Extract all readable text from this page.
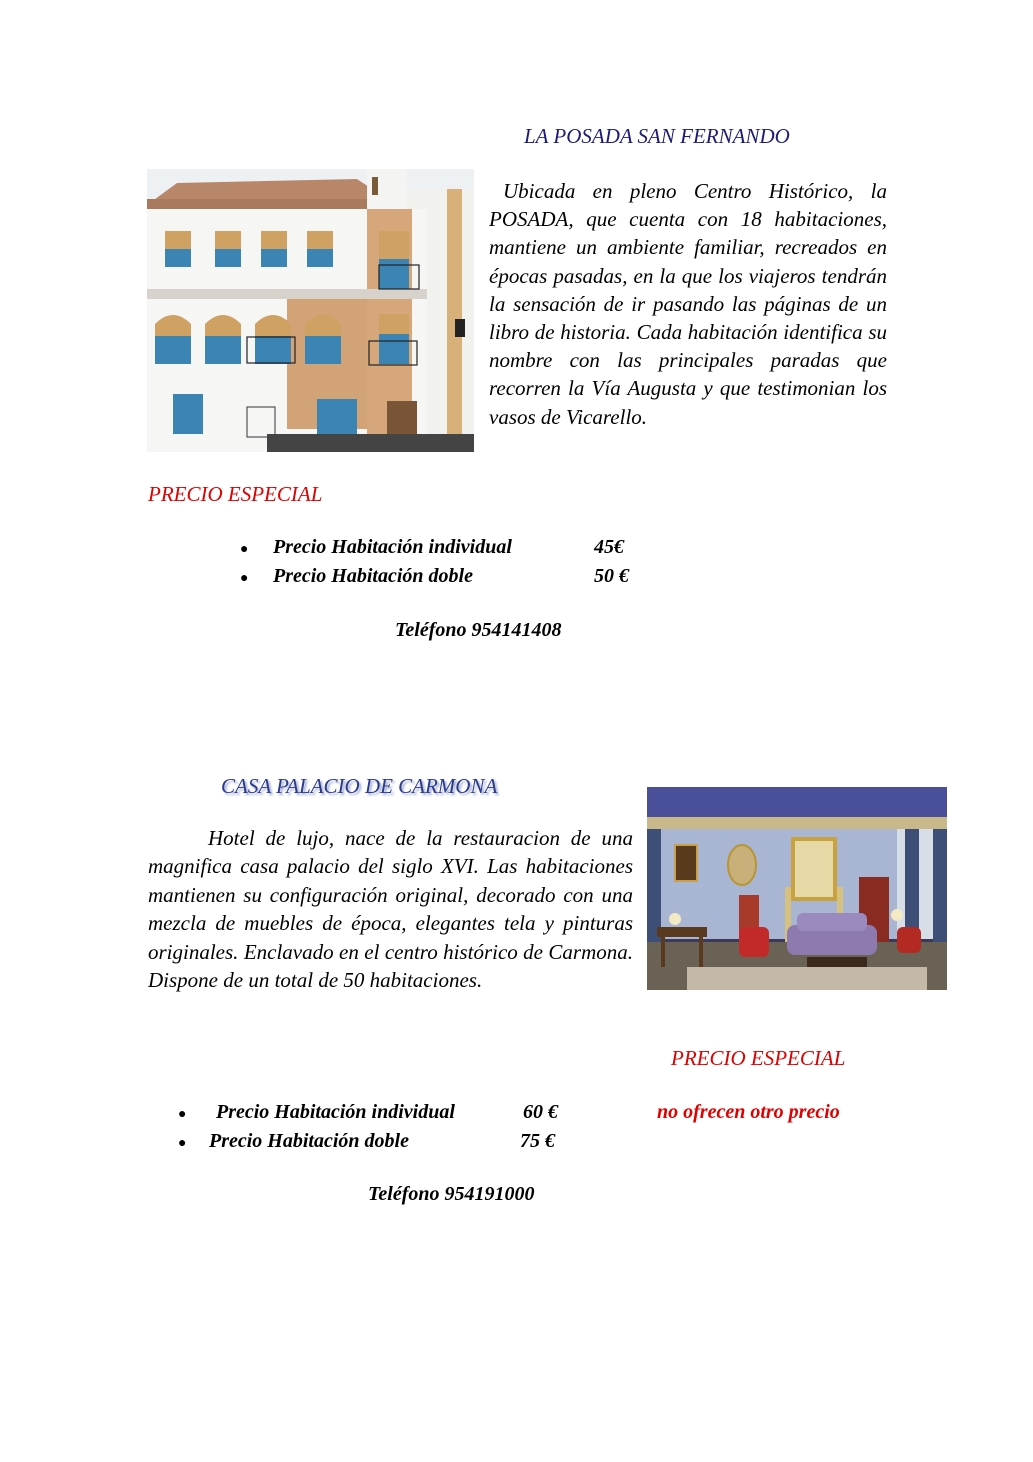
LA POSADA SAN FERNANDO
Ubicada en pleno Centro Histórico, la POSADA, que cuenta con 18 habitaciones, mantiene un ambiente familiar, recreados en épocas pasadas, en la que los viajeros tendrán la sensación de ir pasando las páginas de un libro de historia. Cada habitación identifica su nombre con las principales paradas que recorren la Vía Augusta y que testimonian los vasos de Vicarello.
PRECIO ESPECIAL
● Precio Habitación individual	45€
● Precio Habitación doble	50 €
Teléfono 954141408
CASA PALACIO DE CARMONA
Hotel de lujo, nace de la restauracion de una magnifica casa palacio del siglo XVI. Las habitaciones mantienen su configuración original, decorado con una mezcla de muebles de época, elegantes tela y pinturas originales. Enclavado en el centro histórico de Carmona. Dispone de un total de 50 habitaciones.
PRECIO ESPECIAL
● Precio Habitación individual	60 €
● Precio Habitación doble	75 €
no ofrecen otro precio
Teléfono 954191000
